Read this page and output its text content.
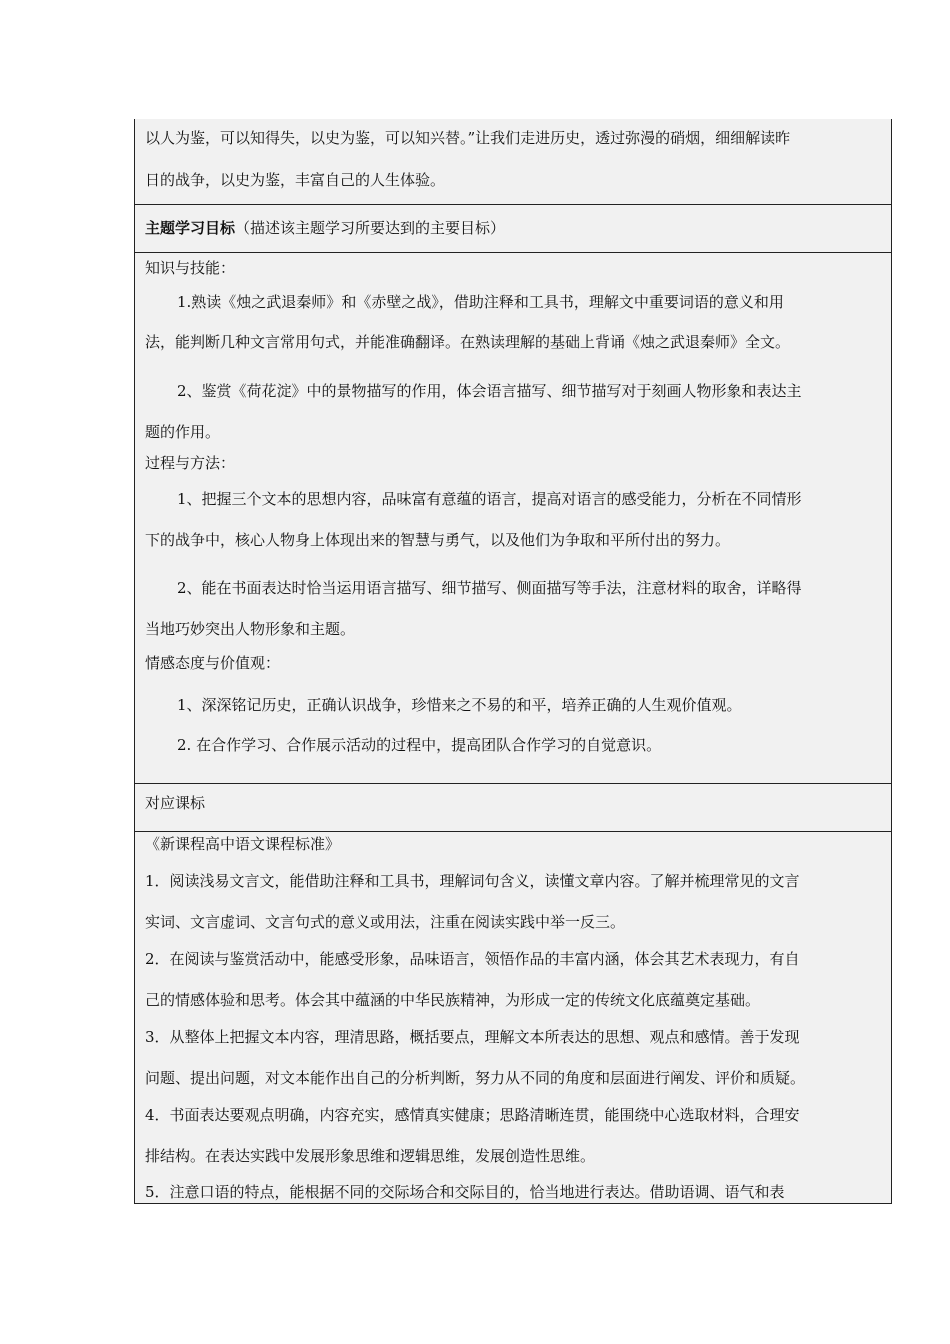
以人为鉴，可以知得失，以史为鉴，可以知兴替。”让我们走进历史，透过弥漫的硝烟，细细解读昨
日的战争，以史为鉴，丰富自己的人生体验。
主题学习目标（描述该主题学习所要达到的主要目标）
知识与技能：
1.熟读《烛之武退秦师》和《赤壁之战》，借助注释和工具书，理解文中重要词语的意义和用
法，能判断几种文言常用句式，并能准确翻译。在熟读理解的基础上背诵《烛之武退秦师》全文。
2、鉴赏《荷花淀》中的景物描写的作用，体会语言描写、细节描写对于刻画人物形象和表达主
题的作用。
过程与方法：
1、把握三个文本的思想内容，品味富有意蕴的语言，提高对语言的感受能力，分析在不同情形
下的战争中，核心人物身上体现出来的智慧与勇气，以及他们为争取和平所付出的努力。
2、能在书面表达时恰当运用语言描写、细节描写、侧面描写等手法，注意材料的取舍，详略得
当地巧妙突出人物形象和主题。
情感态度与价值观：
1、深深铭记历史，正确认识战争，珍惜来之不易的和平，培养正确的人生观价值观。
2. 在合作学习、合作展示活动的过程中，提高团队合作学习的自觉意识。
对应课标
《新课程高中语文课程标准》
1．阅读浅易文言文，能借助注释和工具书，理解词句含义，读懂文章内容。了解并梳理常见的文言
实词、文言虚词、文言句式的意义或用法，注重在阅读实践中举一反三。
2．在阅读与鉴赏活动中，能感受形象，品味语言，领悟作品的丰富内涵，体会其艺术表现力，有自
己的情感体验和思考。体会其中蕴涵的中华民族精神，为形成一定的传统文化底蕴奠定基础。
3．从整体上把握文本内容，理清思路，概括要点，理解文本所表达的思想、观点和感情。善于发现
问题、提出问题，对文本能作出自己的分析判断，努力从不同的角度和层面进行阐发、评价和质疑。
4．书面表达要观点明确，内容充实，感情真实健康；思路清晰连贯，能围绕中心选取材料，合理安
排结构。在表达实践中发展形象思维和逻辑思维，发展创造性思维。
5．注意口语的特点，能根据不同的交际场合和交际目的，恰当地进行表达。借助语调、语气和表
